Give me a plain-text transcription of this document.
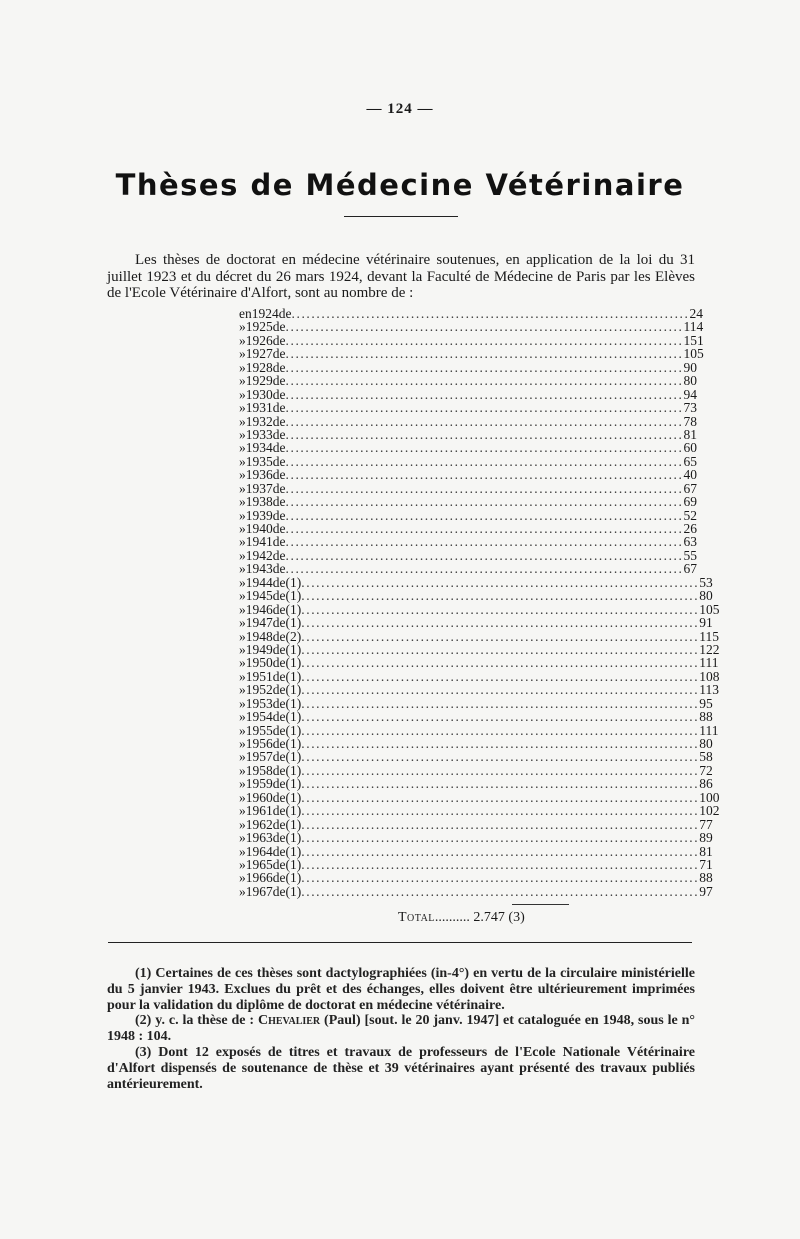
— 124 —
Thèses de Médecine Vétérinaire

Les thèses de doctorat en médecine vétérinaire soutenues, en application de la loi du 31 juillet 1923 et du décret du 26 mars 1924, devant la Faculté de Médecine de Paris par les Elèves de l'Ecole Vétérinaire d'Alfort, sont au nombre de :

en 1924 de ................................................................................ 24
» 1925 de ................................................................................ 114
» 1926 de ................................................................................ 151
» 1927 de ................................................................................ 105
» 1928 de ................................................................................ 90
» 1929 de ................................................................................ 80
» 1930 de ................................................................................ 94
» 1931 de ................................................................................ 73
» 1932 de ................................................................................ 78
» 1933 de ................................................................................ 81
» 1934 de ................................................................................ 60
» 1935 de ................................................................................ 65
» 1936 de ................................................................................ 40
» 1937 de ................................................................................ 67
» 1938 de ................................................................................ 69
» 1939 de ................................................................................ 52
» 1940 de ................................................................................ 26
» 1941 de ................................................................................ 63
» 1942 de ................................................................................ 55
» 1943 de ................................................................................ 67
» 1944 de (1) ................................................................................ 53
» 1945 de (1) ................................................................................ 80
» 1946 de (1) ................................................................................ 105
» 1947 de (1) ................................................................................ 91
» 1948 de (2) ................................................................................ 115
» 1949 de (1) ................................................................................ 122
» 1950 de (1) ................................................................................ 111
» 1951 de (1) ................................................................................ 108
» 1952 de (1) ................................................................................ 113
» 1953 de (1) ................................................................................ 95
» 1954 de (1) ................................................................................ 88
» 1955 de (1) ................................................................................ 111
» 1956 de (1) ................................................................................ 80
» 1957 de (1) ................................................................................ 58
» 1958 de (1) ................................................................................ 72
» 1959 de (1) ................................................................................ 86
» 1960 de (1) ................................................................................ 100
» 1961 de (1) ................................................................................ 102
» 1962 de (1) ................................................................................ 77
» 1963 de (1) ................................................................................ 89
» 1964 de (1) ................................................................................ 81
» 1965 de (1) ................................................................................ 71
» 1966 de (1) ................................................................................ 88
» 1967 de (1) ................................................................................ 97
Total.......... 2.747 (3)

(1) Certaines de ces thèses sont dactylographiées (in-4°) en vertu de la circulaire ministérielle du 5 janvier 1943. Exclues du prêt et des échanges, elles doivent être ultérieurement imprimées pour la validation du diplôme de doctorat en médecine vétérinaire.

(2) y. c. la thèse de : Chevalier (Paul) [sout. le 20 janv. 1947] et cataloguée en 1948, sous le n° 1948 : 104.

(3) Dont 12 exposés de titres et travaux de professeurs de l'Ecole Nationale Vétérinaire d'Alfort dispensés de soutenance de thèse et 39 vétérinaires ayant présenté des travaux publiés antérieurement.
